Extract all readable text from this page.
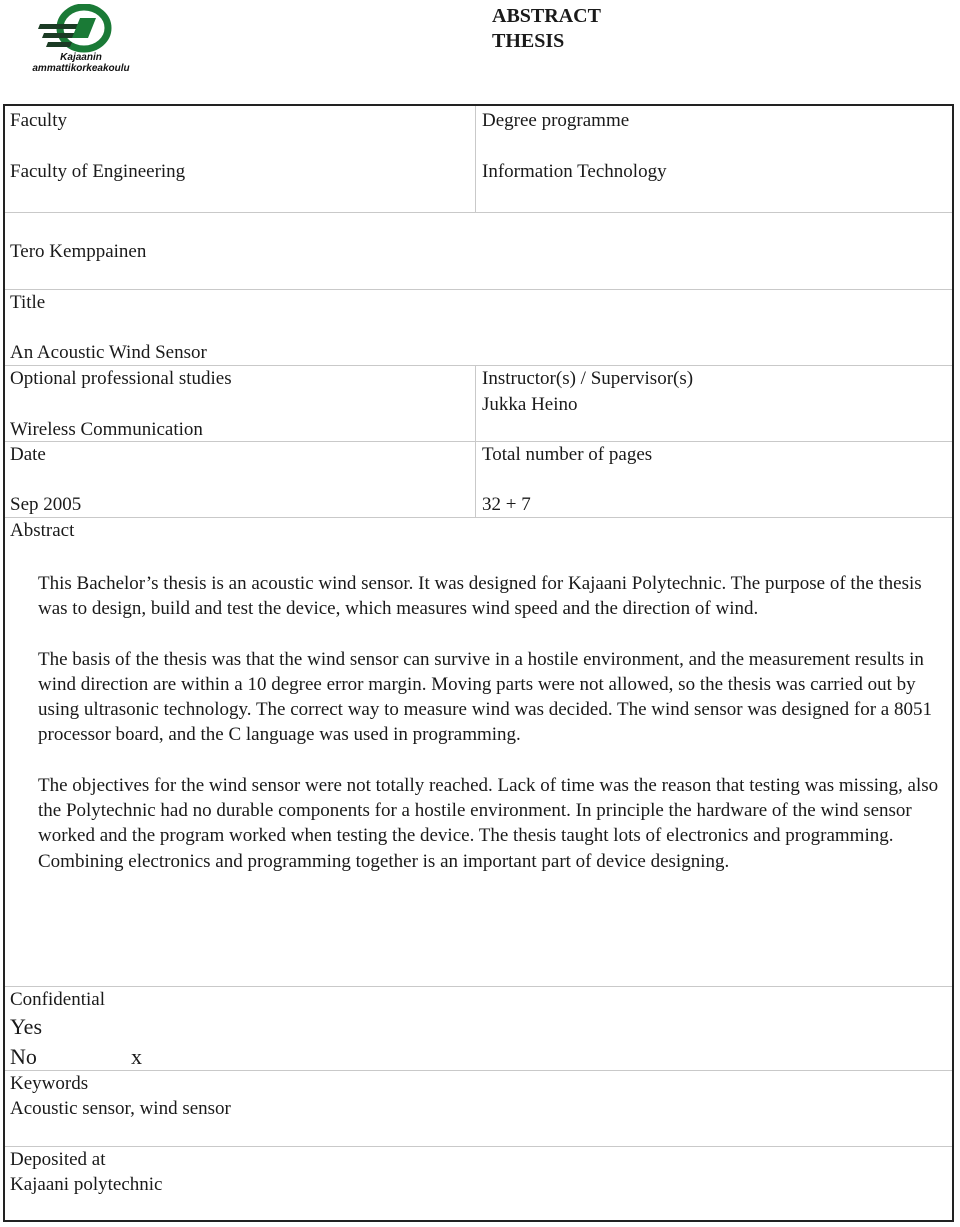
Kajaanin
ammattikorkeakoulu
ABSTRACT
THESIS
Faculty
Faculty of Engineering
Degree programme
Information Technology
Tero Kemppainen
Title
An Acoustic Wind Sensor
Optional professional studies
Wireless Communication
Instructor(s) / Supervisor(s)
Jukka Heino
Date
Sep 2005
Total number of pages
32 + 7
Abstract

This Bachelor’s thesis is an acoustic wind sensor. It was designed for Kajaani Polytechnic. The purpose of the thesis was to design, build and test the device, which measures wind speed and the direction of wind.

The basis of the thesis was that the wind sensor can survive in a hostile environment, and the measurement results in wind direction are within a 10 degree error margin. Moving parts were not allowed, so the thesis was carried out by using ultrasonic technology. The correct way to measure wind was decided. The wind sensor was designed for a 8051 processor board, and the C language was used in programming.

The objectives for the wind sensor were not totally reached. Lack of time was the reason that testing was missing, also the Polytechnic had no durable components for a hostile environment. In principle the hardware of the wind sensor worked and the program worked when testing the device. The thesis taught lots of electronics and programming. Combining electronics and programming together is an important part of device designing.

Confidential
Yes
No	x
Keywords
Acoustic sensor, wind sensor
Deposited at
Kajaani polytechnic
